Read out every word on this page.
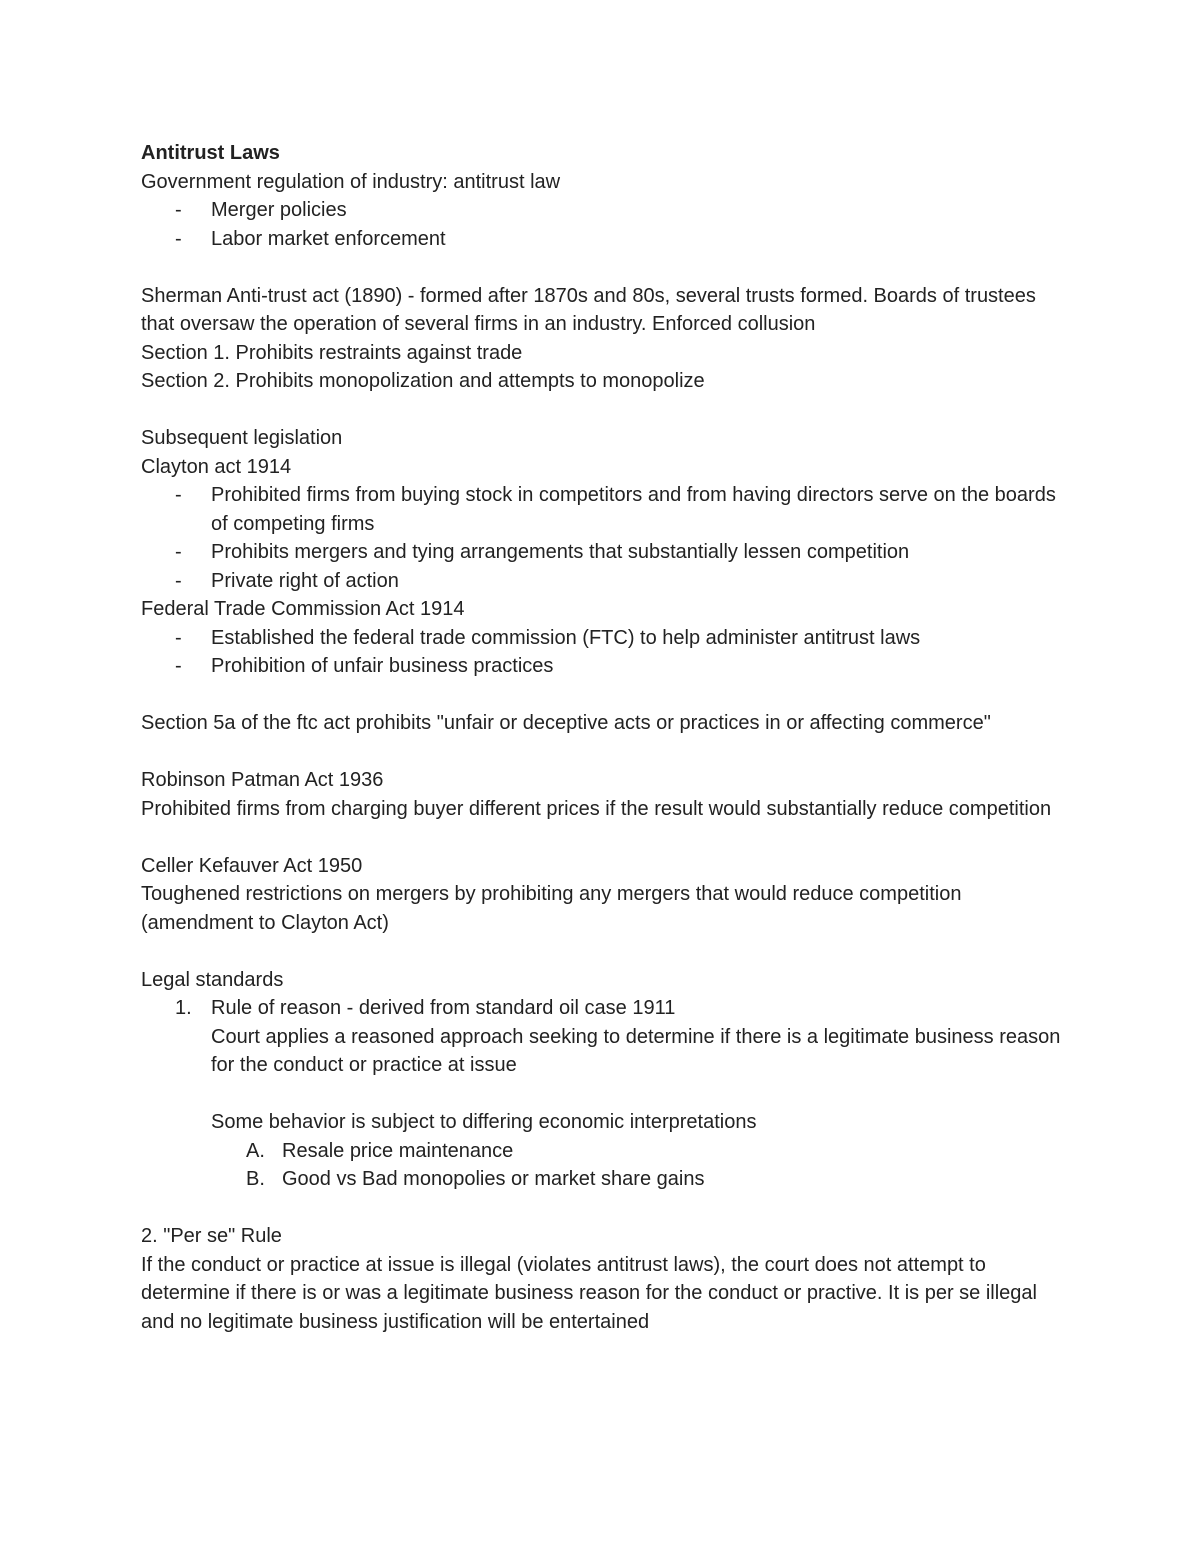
Antitrust Laws

Government regulation of industry: antitrust law

- Merger policies
- Labor market enforcement

Sherman Anti-trust act (1890) - formed after 1870s and 80s, several trusts formed. Boards of trustees that oversaw the operation of several firms in an industry. Enforced collusion

Section 1. Prohibits restraints against trade

Section 2. Prohibits monopolization and attempts to monopolize

Subsequent legislation

Clayton act 1914

- Prohibited firms from buying stock in competitors and from having directors serve on the boards of competing firms
- Prohibits mergers and tying arrangements that substantially lessen competition
- Private right of action

Federal Trade Commission Act 1914

- Established the federal trade commission (FTC) to help administer antitrust laws
- Prohibition of unfair business practices

Section 5a of the ftc act prohibits "unfair or deceptive acts or practices in or affecting commerce"

Robinson Patman Act 1936

Prohibited firms from charging buyer different prices if the result would substantially reduce competition

Celler Kefauver Act 1950

Toughened restrictions on mergers by prohibiting any mergers that would reduce competition (amendment to Clayton Act)

Legal standards

1. Rule of reason - derived from standard oil case 1911

Court applies a reasoned approach seeking to determine if there is a legitimate business reason for the conduct or practice at issue

Some behavior is subject to differing economic interpretations

A. Resale price maintenance
B. Good vs Bad monopolies or market share gains

2. "Per se" Rule

If the conduct or practice at issue is illegal (violates antitrust laws), the court does not attempt to determine if there is or was a legitimate business reason for the conduct or practive. It is per se illegal and no legitimate business justification will be entertained
